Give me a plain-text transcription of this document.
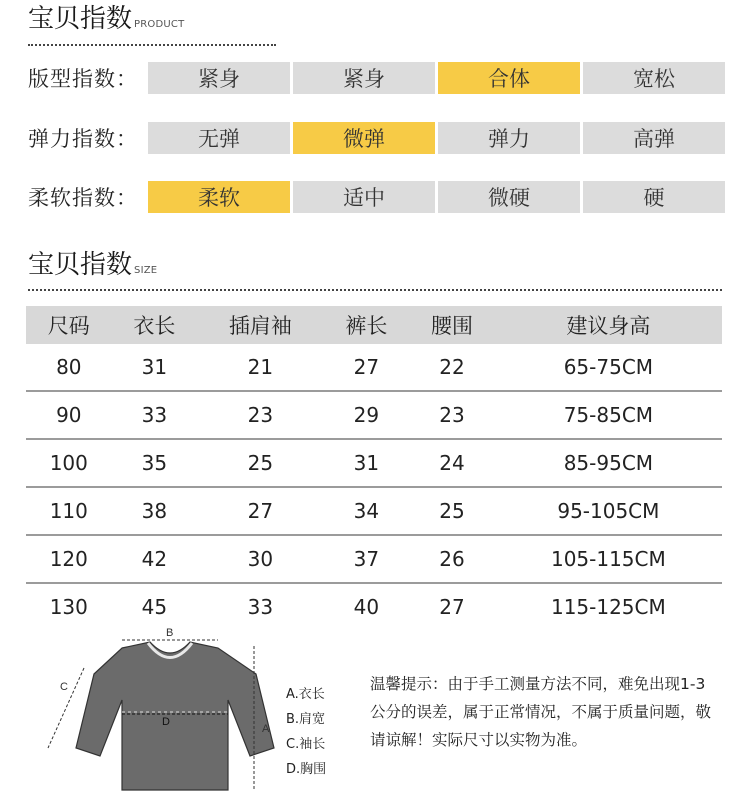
宝贝指数 PRODUCT
版型指数：	紧身	紧身	合体	宽松
弹力指数：	无弹	微弹	弹力	高弹
柔软指数：	柔软	适中	微硬	硬
宝贝指数 SIZE
尺码	衣长	插肩袖	裤长	腰围	建议身高
80	31	21	27	22	65-75CM
90	33	23	29	23	75-85CM
100	35	25	31	24	85-95CM
110	38	27	34	25	95-105CM
120	42	30	37	26	105-115CM
130	45	33	40	27	115-125CM
B
C
D
A
A.衣长
B.肩宽
C.袖长
D.胸围
温馨提示：由于手工测量方法不同，难免出现1-3公分的误差，属于正常情况，不属于质量问题，敬请谅解！实际尺寸以实物为准。
